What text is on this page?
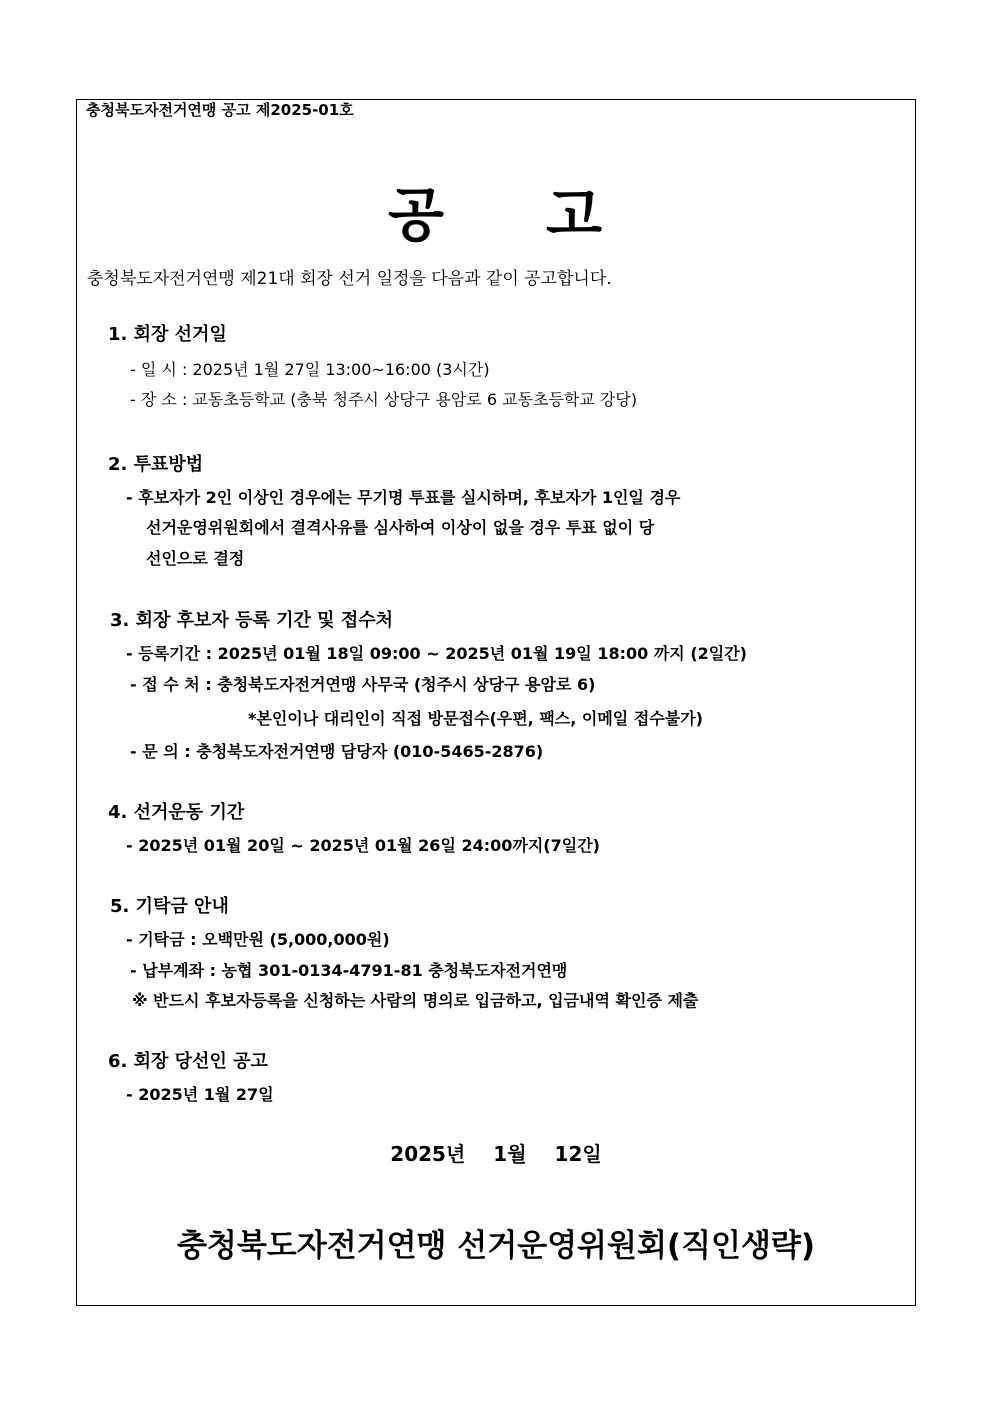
충청북도자전거연맹 공고 제2025-01호
공 고
충청북도자전거연맹 제21대 회장 선거 일정을 다음과 같이 공고합니다.
1. 회장 선거일
- 일 시 : 2025년 1월 27일 13:00~16:00 (3시간)
- 장 소 : 교동초등학교 (충북 청주시 상당구 용암로 6 교동초등학교 강당)
2. 투표방법
- 후보자가 2인 이상인 경우에는 무기명 투표를 실시하며, 후보자가 1인일 경우
선거운영위원회에서 결격사유를 심사하여 이상이 없을 경우 투표 없이 당
선인으로 결정
3. 회장 후보자 등록 기간 및 접수처
- 등록기간 : 2025년 01월 18일 09:00 ~ 2025년 01월 19일 18:00 까지 (2일간)
- 접 수 처 : 충청북도자전거연맹 사무국 (청주시 상당구 용암로 6)
*본인이나 대리인이 직접 방문접수(우편, 팩스, 이메일 접수불가)
- 문 의 : 충청북도자전거연맹 담당자 (010-5465-2876)
4. 선거운동 기간
- 2025년 01월 20일 ~ 2025년 01월 26일 24:00까지(7일간)
5. 기탁금 안내
- 기탁금 : 오백만원 (5,000,000원)
- 납부계좌 : 농협 301-0134-4791-81 충청북도자전거연맹
※ 반드시 후보자등록을 신청하는 사람의 명의로 입금하고, 입금내역 확인증 제출
6. 회장 당선인 공고
- 2025년 1월 27일
2025년 1월 12일
충청북도자전거연맹 선거운영위원회(직인생략)
